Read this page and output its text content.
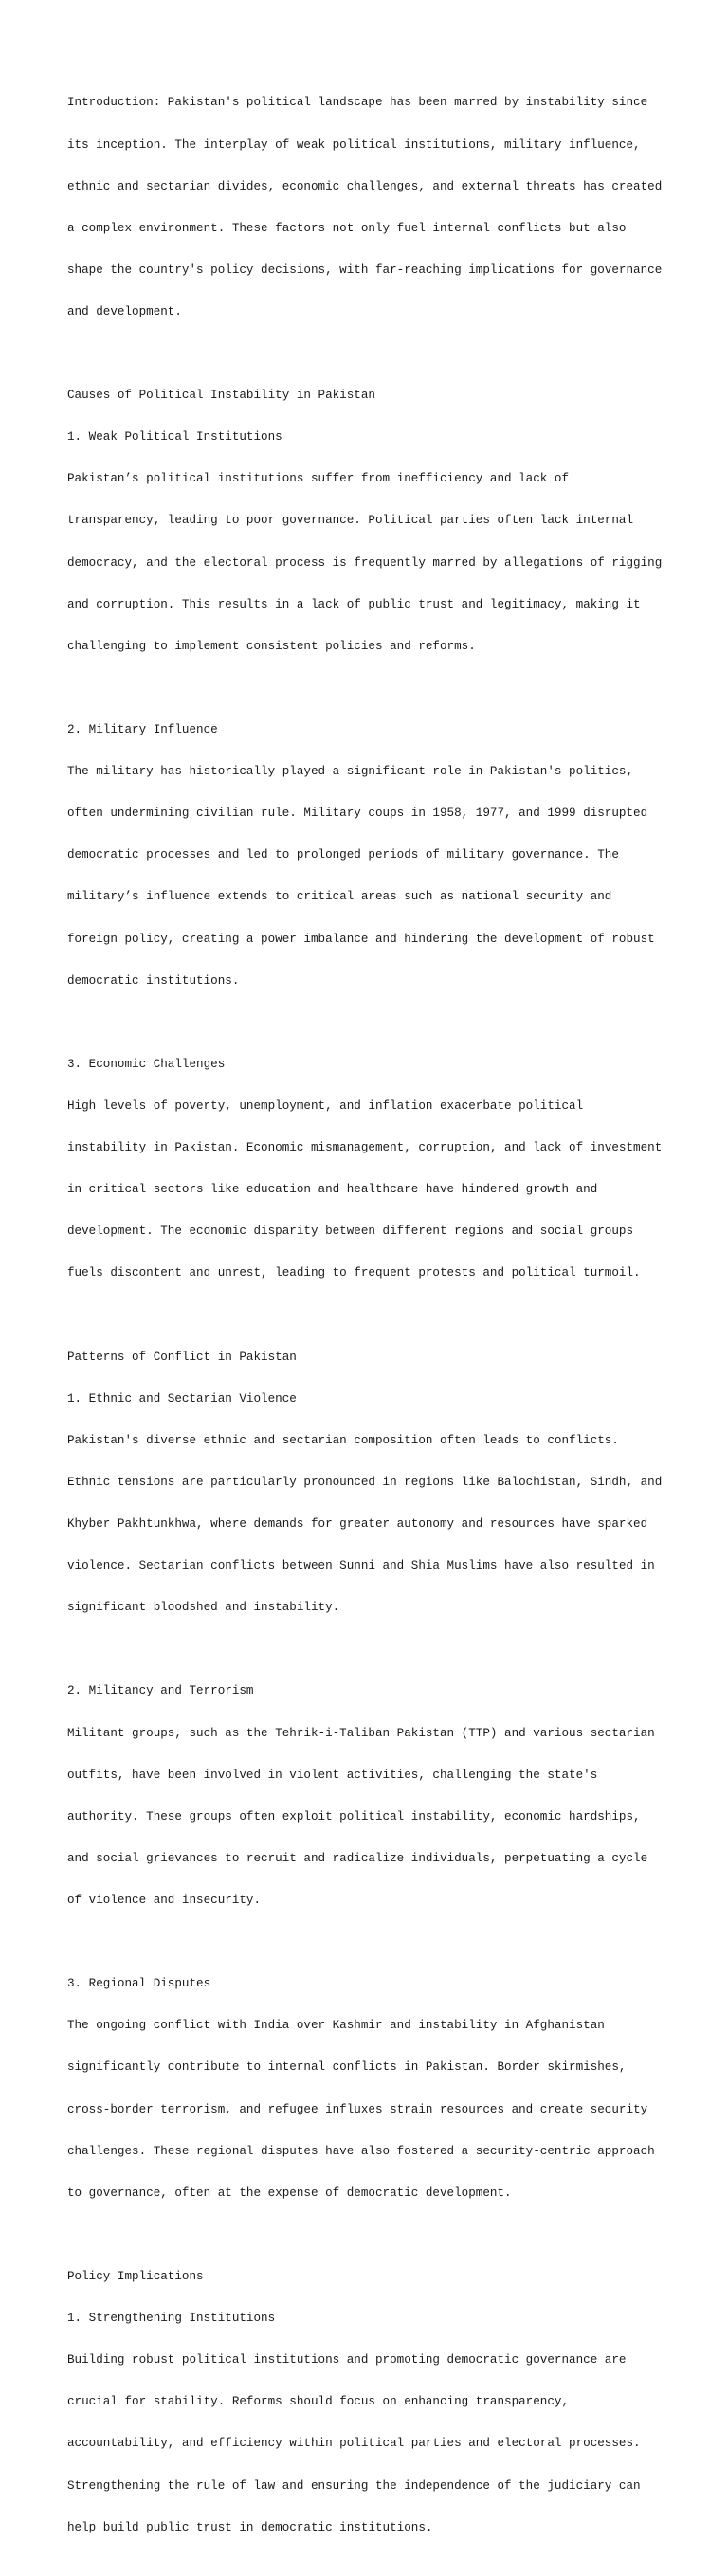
Introduction: Pakistan's political landscape has been marred by instability since

its inception. The interplay of weak political institutions, military influence,

ethnic and sectarian divides, economic challenges, and external threats has created

a complex environment. These factors not only fuel internal conflicts but also

shape the country's policy decisions, with far-reaching implications for governance

and development.

Causes of Political Instability in Pakistan

1. Weak Political Institutions

Pakistan’s political institutions suffer from inefficiency and lack of

transparency, leading to poor governance. Political parties often lack internal

democracy, and the electoral process is frequently marred by allegations of rigging

and corruption. This results in a lack of public trust and legitimacy, making it

challenging to implement consistent policies and reforms.

2. Military Influence

The military has historically played a significant role in Pakistan's politics,

often undermining civilian rule. Military coups in 1958, 1977, and 1999 disrupted

democratic processes and led to prolonged periods of military governance. The

military’s influence extends to critical areas such as national security and

foreign policy, creating a power imbalance and hindering the development of robust

democratic institutions.

3. Economic Challenges

High levels of poverty, unemployment, and inflation exacerbate political

instability in Pakistan. Economic mismanagement, corruption, and lack of investment

in critical sectors like education and healthcare have hindered growth and

development. The economic disparity between different regions and social groups

fuels discontent and unrest, leading to frequent protests and political turmoil.

Patterns of Conflict in Pakistan

1. Ethnic and Sectarian Violence

Pakistan's diverse ethnic and sectarian composition often leads to conflicts.

Ethnic tensions are particularly pronounced in regions like Balochistan, Sindh, and

Khyber Pakhtunkhwa, where demands for greater autonomy and resources have sparked

violence. Sectarian conflicts between Sunni and Shia Muslims have also resulted in

significant bloodshed and instability.

2. Militancy and Terrorism

Militant groups, such as the Tehrik-i-Taliban Pakistan (TTP) and various sectarian

outfits, have been involved in violent activities, challenging the state's

authority. These groups often exploit political instability, economic hardships,

and social grievances to recruit and radicalize individuals, perpetuating a cycle

of violence and insecurity.

3. Regional Disputes

The ongoing conflict with India over Kashmir and instability in Afghanistan

significantly contribute to internal conflicts in Pakistan. Border skirmishes,

cross-border terrorism, and refugee influxes strain resources and create security

challenges. These regional disputes have also fostered a security-centric approach

to governance, often at the expense of democratic development.

Policy Implications

1. Strengthening Institutions

Building robust political institutions and promoting democratic governance are

crucial for stability. Reforms should focus on enhancing transparency,

accountability, and efficiency within political parties and electoral processes.

Strengthening the rule of law and ensuring the independence of the judiciary can

help build public trust in democratic institutions.
